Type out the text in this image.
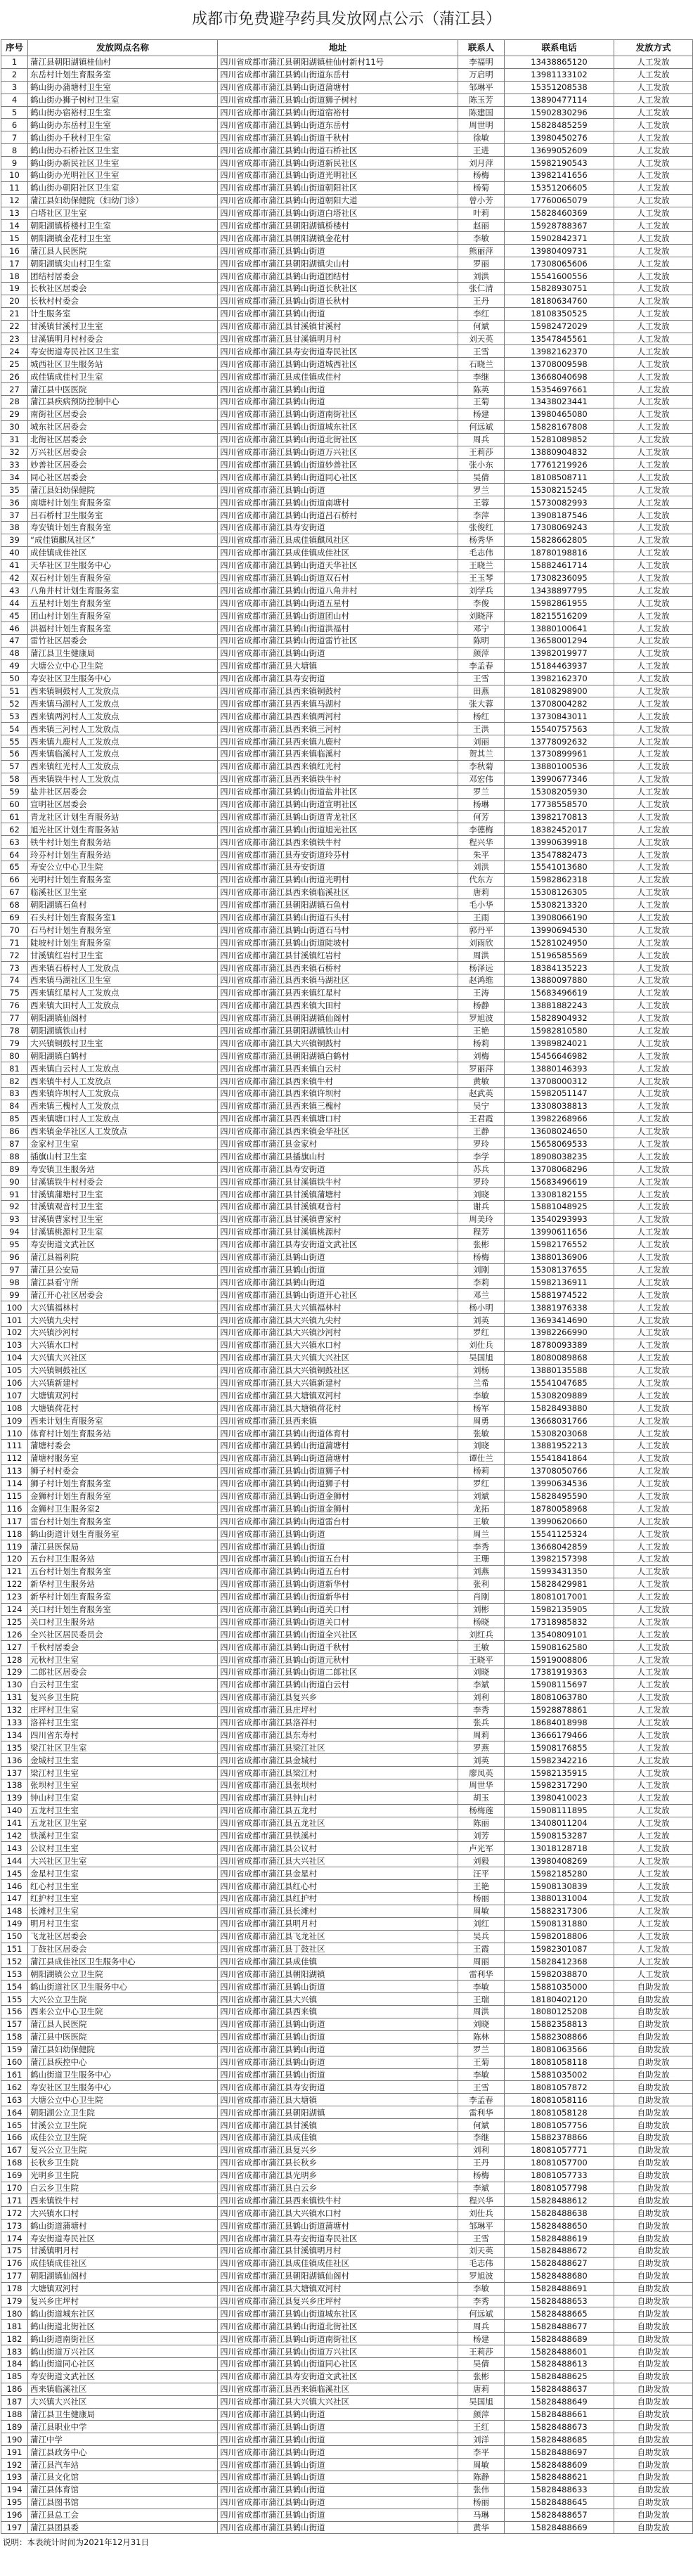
成都市免费避孕药具发放网点公示（蒲江县）
序号	发放网点名称	地址	联系人	联系电话	发放方式
1	蒲江县朝阳湖镇桂仙村	四川省成都市蒲江县朝阳湖镇桂仙村新村11号	李福明	13438865120	人工发放
2	东岳村计划生育服务室	四川省成都市蒲江县鹤山街道东岳村	万启明	13981133102	人工发放
3	鹤山街办蒲塘村卫生室	四川省成都市蒲江县鹤山街道蒲塘村	邹琳平	15351208538	人工发放
4	鹤山街办狮子树村卫生室	四川省成都市蒲江县鹤山街道狮子树村	陈玉芳	13890477114	人工发放
5	鹤山街办宿裕村卫生室	四川省成都市蒲江县鹤山街道宿裕村	陈建国	15902830296	人工发放
6	鹤山街办东岳村卫生室	四川省成都市蒲江县鹤山街道东岳村	周世明	15828485259	人工发放
7	鹤山街办千秋村卫生室	四川省成都市蒲江县鹤山街道千秋村	徐敏	13980450276	人工发放
8	鹤山街办石桥社区卫生室	四川省成都市蒲江县鹤山街道石桥社区	王进	13699052609	人工发放
9	鹤山街办新民社区卫生室	四川省成都市蒲江县鹤山街道新民社区	刘月萍	15982190543	人工发放
10	鹤山街办光明社区卫生室	四川省成都市蒲江县鹤山街道光明社区	杨梅	13982141656	人工发放
11	鹤山街办朝阳社区卫生室	四川省成都市蒲江县鹤山街道朝阳社区	杨菊	15351206605	人工发放
12	蒲江县妇幼保健院（妇幼门诊）	四川省成都市蒲江县鹤山街道朝阳大道	曾小芳	17760065079	人工发放
13	白塔社区卫生室	四川省成都市蒲江县鹤山街道白塔社区	叶莉	15828460369	人工发放
14	朝阳湖镇桥楼村卫生室	四川省成都市蒲江县朝阳湖镇桥楼村	赵丽	15928788367	人工发放
15	朝阳湖镇金花村卫生室	四川省成都市蒲江县朝阳湖镇金花村	李敏	15902842371	人工发放
16	蒲江县人民医院	四川省成都市蒲江县鹤山街道	熊丽萍	13980409731	人工发放
17	朝阳湖镇尖山村卫生室	四川省成都市蒲江县朝阳湖镇尖山村	罗丽	17308065606	人工发放
18	团结村居委会	四川省成都市蒲江县鹤山街道团结村	刘洪	15541600556	人工发放
19	长秋社区居委会	四川省成都市蒲江县鹤山街道长秋社区	张仁清	15828930751	人工发放
20	长秋村村委会	四川省成都市蒲江县鹤山街道长秋村	王丹	18180634760	人工发放
21	计生服务室	四川省成都市蒲江县鹤山街道	李红	18108350525	人工发放
22	甘溪镇甘溪村卫生室	四川省成都市蒲江县甘溪镇甘溪村	何斌	15982472029	人工发放
23	甘溪镇明月村村委会	四川省成都市蒲江县甘溪镇明月村	刘天英	13547845561	人工发放
24	寿安街道寿民社区卫生室	四川省成都市蒲江县寿安街道寿民社区	王雪	13982162370	人工发放
25	城西社区卫生服务站	四川省成都市蒲江县鹤山街道城西社区	石晓兰	13708009598	人工发放
26	成佳镇成佳村卫生室	四川省成都市蒲江县成佳镇成佳村	李继	13668040698	人工发放
27	蒲江县中医医院	四川省成都市蒲江县鹤山街道	陈英	15354697661	人工发放
28	蒲江县疾病预防控制中心	四川省成都市蒲江县鹤山街道	王菊	13438023441	人工发放
29	南街社区居委会	四川省成都市蒲江县鹤山街道南街社区	杨建	13980465080	人工发放
30	城东社区居委会	四川省成都市蒲江县鹤山街道城东社区	何远斌	15828167808	人工发放
31	北街社区居委会	四川省成都市蒲江县鹤山街道北街社区	周兵	15281089852	人工发放
32	万兴社区居委会	四川省成都市蒲江县鹤山街道万兴社区	王莉莎	13880904832	人工发放
33	妙善社区居委会	四川省成都市蒲江县鹤山街道妙善社区	张小东	17761219926	人工发放
34	同心社区居委会	四川省成都市蒲江县鹤山街道同心社区	吴倩	18108508711	人工发放
35	蒲江县妇幼保健院	四川省成都市蒲江县鹤山街道	罗兰	15308215245	人工发放
36	南塘村计划生育服务室	四川省成都市蒲江县鹤山街道南塘村	王蓉	15730082993	人工发放
37	吕石桥村卫生服务室	四川省成都市蒲江县鹤山街道吕石桥村	李萍	13908187546	人工发放
38	寿安镇计划生育服务室	四川省成都市蒲江县寿安街道	张俊红	17308069243	人工发放
39	“成佳镇麒凤社区”	四川省成都市蒲江县成佳镇麒凤社区	杨秀华	15828662805	人工发放
40	成佳镇成佳社区	四川省成都市蒲江县成佳镇成佳社区	毛志伟	18780198816	人工发放
41	天华社区卫生服务中心	四川省成都市蒲江县鹤山街道天华社区	王晓兰	15882461714	人工发放
42	双石村计划生育服务室	四川省成都市蒲江县鹤山街道双石村	王玉琴	17308236095	人工发放
43	八角井村计划生育服务室	四川省成都市蒲江县鹤山街道八角井村	刘学兵	13438897795	人工发放
44	五星村计划生育服务室	四川省成都市蒲江县鹤山街道五星村	李俊	15982861955	人工发放
45	团山村计划生育服务室	四川省成都市蒲江县鹤山街道团山村	刘晓萍	18215516209	人工发放
46	洪福村计划生育服务室	四川省成都市蒲江县鹤山街道洪福村	邓宁	13880100641	人工发放
47	雷竹社区居委会	四川省成都市蒲江县鹤山街道雷竹社区	陈明	13658001294	人工发放
48	蒲江县卫生健康局	四川省成都市蒲江县鹤山街道	颜萍	13982019977	人工发放
49	大塘公立中心卫生院	四川省成都市蒲江县大塘镇	李孟春	15184463937	人工发放
50	寿安社区卫生服务中心	四川省成都市蒲江县寿安街道	王雪	13982162370	人工发放
51	西来镇铜鼓村人工发放点	四川省成都市蒲江县西来镇铜鼓村	田燕	18108298900	人工发放
52	西来镇马湖村人工发放点	四川省成都市蒲江县西来镇马湖村	张大蓉	13708004282	人工发放
53	西来镇两河村人工发放点	四川省成都市蒲江县西来镇两河村	杨红	13730843011	人工发放
54	西来镇三河村人工发放点	四川省成都市蒲江县西来镇三河村	王洪	15540757563	人工发放
55	西来镇九鹿村人工发放点	四川省成都市蒲江县西来镇九鹿村	刘丽	13778092632	人工发放
56	西来镇临溪村人工发放点	四川省成都市蒲江县西来镇临溪村	贺其兰	13730899961	人工发放
57	西来镇红光村人工发放点	四川省成都市蒲江县西来镇红光村	李秋菊	13880100536	人工发放
58	西来镇铁牛村人工发放点	四川省成都市蒲江县西来镇铁牛村	邓宏伟	13990677346	人工发放
59	盐井社区居委会	四川省成都市蒲江县鹤山街道盐井社区	罗兰	15308205930	人工发放
60	宣明社区居委会	四川省成都市蒲江县鹤山街道宣明社区	杨琳	17738558570	人工发放
61	青龙社区计划生育服务站	四川省成都市蒲江县鹤山街道青龙社区	何芳	13982170813	人工发放
62	旭光社区计划生育服务站	四川省成都市蒲江县鹤山街道旭光社区	李德梅	18382452017	人工发放
63	铁牛村计划生育服务站	四川省成都市蒲江县西来镇铁牛村	程兴华	13990639918	人工发放
64	玲芬村计划生育服务站	四川省成都市蒲江县寿安街道玲芬村	朱平	13547882473	人工发放
65	寿安公立中心卫生院	四川省成都市蒲江县寿安街道	刘洪	15541013680	人工发放
66	光明村计划生育服务室	四川省成都市蒲江县鹤山街道光明村	代东方	15982862318	人工发放
67	临溪社区卫生室	四川省成都市蒲江县西来镇临溪社区	唐莉	15308126305	人工发放
68	朝阳湖镇石鱼村	四川省成都市蒲江县朝阳湖镇石鱼村	毛小华	15308213320	人工发放
69	石头村计划生育服务室1	四川省成都市蒲江县鹤山街道石头村	王雨	13908066190	人工发放
70	石马村计划生育服务室	四川省成都市蒲江县鹤山街道石马村	郭丹平	13990694530	人工发放
71	陡坡村计划生育服务室	四川省成都市蒲江县鹤山街道陡坡村	刘雨欣	15281024950	人工发放
72	甘溪镇红岩村卫生室	四川省成都市蒲江县甘溪镇红岩村	周洪	15196585569	人工发放
73	西来镇石桥村人工发放点	四川省成都市蒲江县西来镇石桥村	杨泽远	18384135223	人工发放
74	西来镇马湖社区卫生室	四川省成都市蒲江县西来镇马湖社区	赵鸿维	13880097880	人工发放
75	西来镇红星村人工发放点	四川省成都市蒲江县西来镇红星村	王涛	15683496619	人工发放
76	西来镇大田村人工发放点	四川省成都市蒲江县西来镇大田村	杨静	13881882243	人工发放
77	朝阳湖镇仙阁村	四川省成都市蒲江县朝阳湖镇仙阁村	罗旭波	15828904932	人工发放
78	朝阳湖镇铁山村	四川省成都市蒲江县朝阳湖镇铁山村	王艳	15982810580	人工发放
79	大兴镇铜鼓村卫生室	四川省成都市蒲江县大兴镇铜鼓村	杨莉	13989824021	人工发放
80	朝阳湖镇白鹤村	四川省成都市蒲江县朝阳湖镇白鹤村	刘梅	15456646982	人工发放
81	西来镇白云村人工发放点	四川省成都市蒲江县西来镇白云村	罗丽萍	13880146393	人工发放
82	西来镇牛村人工发放点	四川省成都市蒲江县西来镇牛村	黄敏	13708000312	人工发放
83	西来镇许坝村人工发放点	四川省成都市蒲江县西来镇许坝村	赵武英	15982051147	人工发放
84	西来镇三槐村人工发放点	四川省成都市蒲江县西来镇三槐村	吴宁	13308038813	人工发放
85	西来镇塘口村人工发放点	四川省成都市蒲江县西来镇塘口村	王君霞	13982268966	人工发放
86	西来镇金华社区人工发放点	四川省成都市蒲江县西来镇金华社区	王静	13608024650	人工发放
87	金家村卫生室	四川省成都市蒲江县金家村	罗玲	15658069533	人工发放
88	插旗山村卫生室	四川省成都市蒲江县插旗山村	李学	18908038235	人工发放
89	寿安镇卫生服务站	四川省成都市蒲江县寿安街道	苏兵	13708068296	人工发放
90	甘溪镇铁牛村村委会	四川省成都市蒲江县甘溪镇铁牛村	罗玲	15683496619	人工发放
91	甘溪镇蒲塘村卫生室	四川省成都市蒲江县甘溪镇蒲塘村	刘晓	13308182155	人工发放
92	甘溪镇观音村卫生室	四川省成都市蒲江县甘溪镇观音村	谢兵	15881048925	人工发放
93	甘溪镇曹家村卫生室	四川省成都市蒲江县甘溪镇曹家村	周美玲	13540293993	人工发放
94	甘溪镇桃源村卫生室	四川省成都市蒲江县甘溪镇桃源村	程芳	13990611656	人工发放
95	寿安街道文武社区	四川省成都市蒲江县寿安街道文武社区	张彬	15982176552	人工发放
96	蒲江县福利院	四川省成都市蒲江县鹤山街道	杨梅	13880136906	人工发放
97	蒲江县公安局	四川省成都市蒲江县鹤山街道	刘刚	15308137655	人工发放
98	蒲江县看守所	四川省成都市蒲江县鹤山街道	李莉	15982136911	人工发放
99	蒲江开心社区居委会	四川省成都市蒲江县鹤山街道开心社区	邓兰	15881974522	人工发放
100	大兴镇福林村	四川省成都市蒲江县大兴镇福林村	杨小明	13881976338	人工发放
101	大兴镇九尖村	四川省成都市蒲江县大兴镇九尖村	刘英	13693414690	人工发放
102	大兴镇沙河村	四川省成都市蒲江县大兴镇沙河村	罗红	13982266990	人工发放
103	大兴镇水口村	四川省成都市蒲江县大兴镇水口村	刘仕兵	18780093389	人工发放
104	大兴镇大兴社区	四川省成都市蒲江县大兴镇大兴社区	吴国旭	18080089868	人工发放
105	大兴镇铜鼓社区	四川省成都市蒲江县大兴镇铜鼓社区	刘杨	13880135588	人工发放
106	大兴镇新建村	四川省成都市蒲江县大兴镇新建村	兰希	15541047685	人工发放
107	大塘镇双河村	四川省成都市蒲江县大塘镇双河村	李敏	15308209889	人工发放
108	大塘镇荷花村	四川省成都市蒲江县大塘镇荷花村	杨军	15828493880	人工发放
109	西来计划生育服务室	四川省成都市蒲江县西来镇	周勇	13668031766	人工发放
110	体育村计划生育服务站	四川省成都市蒲江县鹤山街道体育村	张敏	15308203068	人工发放
111	蒲塘村委会	四川省成都市蒲江县鹤山街道蒲塘村	刘晓	13881952213	人工发放
112	蒲塘村服务室	四川省成都市蒲江县鹤山街道蒲塘村	谭仕兰	15541841864	人工发放
113	狮子村村委会	四川省成都市蒲江县鹤山街道狮子村	杨莉	13708050766	人工发放
114	狮子村计划生育服务室	四川省成都市蒲江县鹤山街道狮子村	罗红	13990634536	人工发放
115	金狮村计划生育服务室	四川省成都市蒲江县鹤山街道金狮村	刘斌	15828495590	人工发放
116	金狮村卫生服务室2	四川省成都市蒲江县鹤山街道金狮村	龙拓	18780058968	人工发放
117	雷台村计划生育服务室	四川省成都市蒲江县鹤山街道雷台村	王敏	13990620660	人工发放
118	鹤山街道计划生育服务室	四川省成都市蒲江县鹤山街道	周兰	15541125324	人工发放
119	蒲江县医保局	四川省成都市蒲江县鹤山街道	李秀	13668042859	人工发放
120	五台村卫生服务站	四川省成都市蒲江县鹤山街道五台村	王珊	13982157398	人工发放
121	五台村计划生育服务室	四川省成都市蒲江县鹤山街道五台村	刘燕	15993431350	人工发放
122	新华村卫生服务站	四川省成都市蒲江县鹤山街道新华村	张利	15828429981	人工发放
123	新华村计划生育服务室	四川省成都市蒲江县鹤山街道新华村	肖刚	18081017001	人工发放
124	关口村计划生育服务室	四川省成都市蒲江县鹤山街道关口村	刘彬	15982135905	人工发放
125	关口村卫生服务站	四川省成都市蒲江县鹤山街道关口村	杨晓	17318985832	人工发放
126	全兴社区居民委员会	四川省成都市蒲江县鹤山街道全兴社区	刘红兵	13540809101	人工发放
127	千秋村居委会	四川省成都市蒲江县鹤山街道千秋村	王敏	15908162580	人工发放
128	元秋村卫生室	四川省成都市蒲江县鹤山街道元秋村	王晓平	15919008806	人工发放
129	二郎社区居委会	四川省成都市蒲江县鹤山街道二郎社区	刘晓	17381919363	人工发放
130	白云村卫生室	四川省成都市蒲江县鹤山街道白云村	李斌	15908115697	人工发放
131	复兴乡卫生院	四川省成都市蒲江县复兴乡	刘利	18081063780	人工发放
132	庄坪村卫生室	四川省成都市蒲江县庄坪村	李秀	15928878861	人工发放
133	洛祥村卫生室	四川省成都市蒲江县洛祥村	张兵	18684018998	人工发放
134	四川省东寿村	四川省成都市蒲江县东寿村	周莉	13666179466	人工发放
135	梁江社区卫生室	四川省成都市蒲江县梁江社区	罗燕	15908176855	人工发放
136	金城村卫生室	四川省成都市蒲江县金城村	刘英	15982342216	人工发放
137	梁江村卫生室	四川省成都市蒲江县梁江村	廖凤英	15982135915	人工发放
138	张坝村卫生室	四川省成都市蒲江县张坝村	周世华	15982317290	人工发放
139	钟山村卫生室	四川省成都市蒲江县钟山村	胡玉	13980410023	人工发放
140	五龙村卫生室	四川省成都市蒲江县五龙村	杨梅莲	15908111895	人工发放
141	五龙社区卫生室	四川省成都市蒲江县五龙社区	陈丽	13408011204	人工发放
142	铁溪村卫生室	四川省成都市蒲江县铁溪村	刘芳	15908153287	人工发放
143	公议村卫生室	四川省成都市蒲江县公议村	卢光军	13018128718	人工发放
144	大兴社区卫生室	四川省成都市蒲江县大兴社区	刘毅	13980408269	人工发放
145	金星村卫生室	四川省成都市蒲江县金星村	汪平	15982185280	人工发放
146	红心村卫生室	四川省成都市蒲江县红心村	王艳	15908130839	人工发放
147	红护村卫生室	四川省成都市蒲江县红护村	杨丽	13880131004	人工发放
148	长滩村卫生室	四川省成都市蒲江县长滩村	周敏	15882317306	人工发放
149	明月村卫生室	四川省成都市蒲江县明月村	刘红	15908131880	人工发放
150	飞龙社区居委会	四川省成都市蒲江县飞龙社区	吴兵	15982018806	人工发放
151	丁鼓社区居委会	四川省成都市蒲江县丁鼓社区	王霞	15982301087	人工发放
152	蒲江县成佳社区卫生服务中心	四川省成都市蒲江县成佳镇	周丽	15828412368	人工发放
153	朝阳湖镇公立卫生院	四川省成都市蒲江县朝阳湖镇	雷利华	15982038870	人工发放
154	鹤山街道社区卫生服务中心	四川省成都市蒲江县鹤山街道	李敏	15881035000	自助发放
155	大兴公立卫生院	四川省成都市蒲江县大兴镇	王瑞	18180402120	自助发放
156	西来公立中心卫生院	四川省成都市蒲江县西来镇	周洪	18080125208	自助发放
157	蒲江县人民医院	四川省成都市蒲江县鹤山街道	刘晓	15882358813	自助发放
158	蒲江县中医医院	四川省成都市蒲江县鹤山街道	陈林	15882308866	自助发放
159	蒲江县妇幼保健院	四川省成都市蒲江县鹤山街道	罗兰	18081063566	自助发放
160	蒲江县疾控中心	四川省成都市蒲江县鹤山街道	王菊	18081058118	自助发放
161	鹤山街道卫生服务中心	四川省成都市蒲江县鹤山街道	李敏	15881035002	自助发放
162	寿安社区卫生服务中心	四川省成都市蒲江县寿安街道	王雪	18081057872	自助发放
163	大塘公立中心卫生院	四川省成都市蒲江县大塘镇	李孟春	18081058116	自助发放
164	朝阳湖公立卫生院	四川省成都市蒲江县朝阳湖镇	雷利华	18081058128	自助发放
165	甘溪公立卫生院	四川省成都市蒲江县甘溪镇	何斌	18081057756	自助发放
166	成佳公立卫生院	四川省成都市蒲江县成佳镇	李继	15882378866	自助发放
167	复兴公立卫生院	四川省成都市蒲江县复兴乡	刘利	18081057771	自助发放
168	长秋乡卫生院	四川省成都市蒲江县长秋乡	王丹	18081057700	自助发放
169	光明乡卫生院	四川省成都市蒲江县光明乡	杨梅	18081057733	自助发放
170	白云乡卫生院	四川省成都市蒲江县白云乡	李斌	18081057798	自助发放
171	西来镇铁牛村	四川省成都市蒲江县西来镇铁牛村	程兴华	15828488612	自助发放
172	大兴镇水口村	四川省成都市蒲江县大兴镇水口村	刘仕兵	15828488638	自助发放
173	鹤山街道蒲塘村	四川省成都市蒲江县鹤山街道蒲塘村	邹琳平	15828488650	自助发放
174	寿安街道寿民社区	四川省成都市蒲江县寿安街道寿民社区	王雪	15828488619	自助发放
175	甘溪镇明月村	四川省成都市蒲江县甘溪镇明月村	刘天英	15828488672	自助发放
176	成佳镇成佳社区	四川省成都市蒲江县成佳镇成佳社区	毛志伟	15828488627	自助发放
177	朝阳湖镇仙阁村	四川省成都市蒲江县朝阳湖镇仙阁村	罗旭波	15828488680	自助发放
178	大塘镇双河村	四川省成都市蒲江县大塘镇双河村	李敏	15828488691	自助发放
179	复兴乡庄坪村	四川省成都市蒲江县复兴乡庄坪村	李秀	15828488653	自助发放
180	鹤山街道城东社区	四川省成都市蒲江县鹤山街道城东社区	何远斌	15828488665	自助发放
181	鹤山街道北街社区	四川省成都市蒲江县鹤山街道北街社区	周兵	15828488677	自助发放
182	鹤山街道南街社区	四川省成都市蒲江县鹤山街道南街社区	杨建	15828488689	自助发放
183	鹤山街道万兴社区	四川省成都市蒲江县鹤山街道万兴社区	王莉莎	15828488601	自助发放
184	鹤山街道同心社区	四川省成都市蒲江县鹤山街道同心社区	吴倩	15828488613	自助发放
185	寿安街道文武社区	四川省成都市蒲江县寿安街道文武社区	张彬	15828488625	自助发放
186	西来镇临溪社区	四川省成都市蒲江县西来镇临溪社区	唐莉	15828488637	自助发放
187	大兴镇大兴社区	四川省成都市蒲江县大兴镇大兴社区	吴国旭	15828488649	自助发放
188	蒲江县卫生健康局	四川省成都市蒲江县鹤山街道	颜萍	15828488661	自助发放
189	蒲江县职业中学	四川省成都市蒲江县鹤山街道	王红	15828488673	自助发放
190	蒲江中学	四川省成都市蒲江县鹤山街道	刘洋	15828488685	自助发放
191	蒲江县政务中心	四川省成都市蒲江县鹤山街道	李平	15828488697	自助发放
192	蒲江县汽车站	四川省成都市蒲江县鹤山街道	周敏	15828488609	自助发放
193	蒲江县文化馆	四川省成都市蒲江县鹤山街道	陈静	15828488621	自助发放
194	蒲江县体育馆	四川省成都市蒲江县鹤山街道	张伟	15828488633	自助发放
195	蒲江县图书馆	四川省成都市蒲江县鹤山街道	杨丽	15828488645	自助发放
196	蒲江县总工会	四川省成都市蒲江县鹤山街道	马琳	15828488657	自助发放
197	蒲江县团县委	四川省成都市蒲江县鹤山街道	黄华	15828488669	自助发放
说明：本表统计时间为2021年12月31日
